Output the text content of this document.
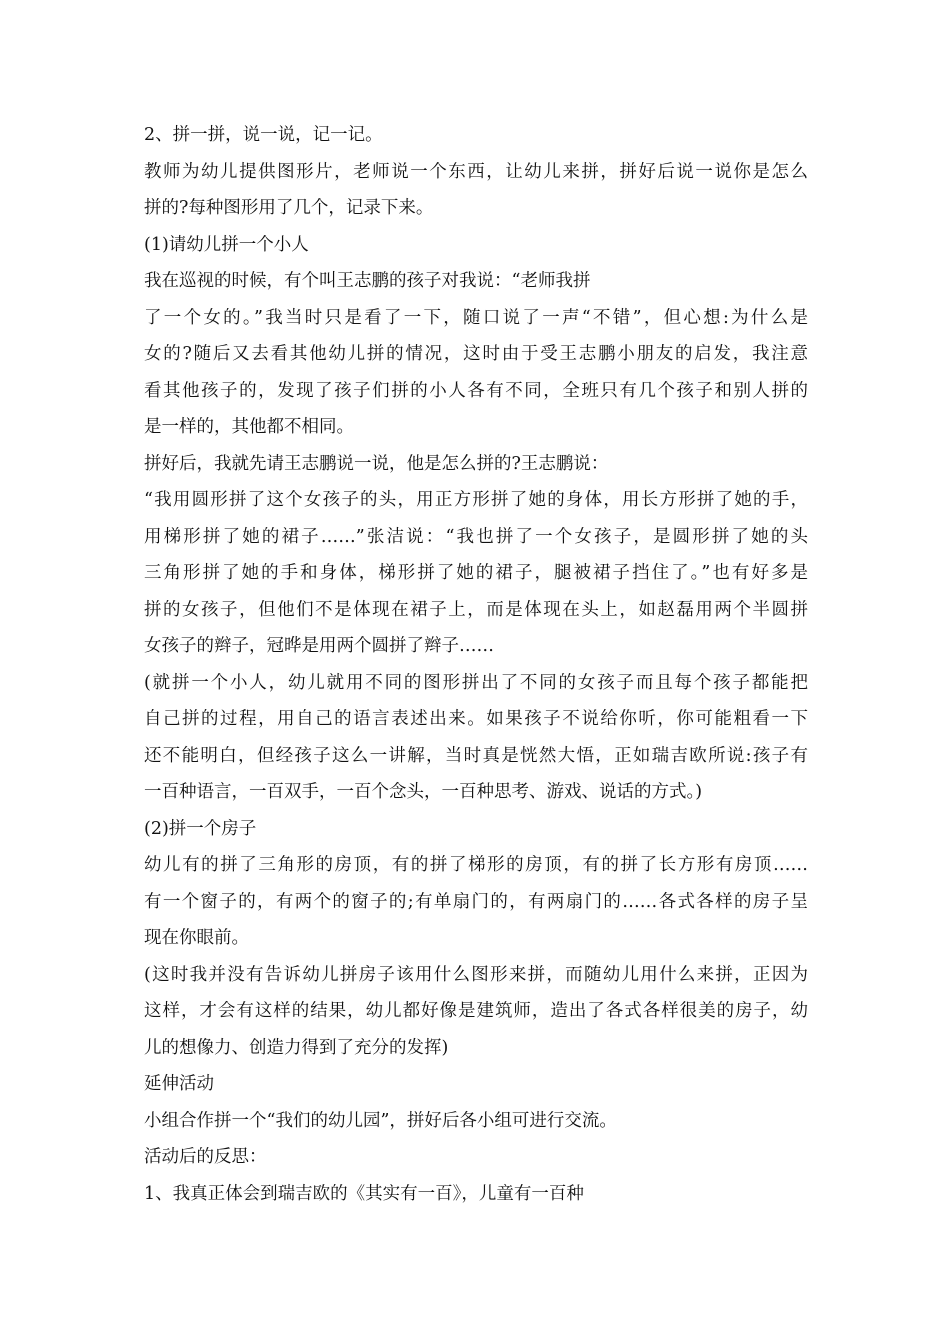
2、拼一拼，说一说，记一记。
教师为幼儿提供图形片，老师说一个东西，让幼儿来拼，拼好后说一说你是怎么
拼的?每种图形用了几个，记录下来。
(1)请幼儿拼一个小人
我在巡视的时候，有个叫王志鹏的孩子对我说：“老师我拼
了一个女的。”我当时只是看了一下，随口说了一声“不错”，但心想:为什么是
女的?随后又去看其他幼儿拼的情况，这时由于受王志鹏小朋友的启发，我注意
看其他孩子的，发现了孩子们拼的小人各有不同，全班只有几个孩子和别人拼的
是一样的，其他都不相同。
拼好后，我就先请王志鹏说一说，他是怎么拼的?王志鹏说：
“我用圆形拼了这个女孩子的头，用正方形拼了她的身体，用长方形拼了她的手，
用梯形拼了她的裙子……”张洁说：“我也拼了一个女孩子，是圆形拼了她的头
三角形拼了她的手和身体，梯形拼了她的裙子，腿被裙子挡住了。”也有好多是
拼的女孩子，但他们不是体现在裙子上，而是体现在头上，如赵磊用两个半圆拼
女孩子的辫子，冠晔是用两个圆拼了辫子……
(就拼一个小人，幼儿就用不同的图形拼出了不同的女孩子而且每个孩子都能把
自己拼的过程，用自己的语言表述出来。如果孩子不说给你听，你可能粗看一下
还不能明白，但经孩子这么一讲解，当时真是恍然大悟，正如瑞吉欧所说:孩子有
一百种语言，一百双手，一百个念头，一百种思考、游戏、说话的方式。)
(2)拼一个房子
幼儿有的拼了三角形的房顶，有的拼了梯形的房顶，有的拼了长方形有房顶……
有一个窗子的，有两个的窗子的;有单扇门的，有两扇门的……各式各样的房子呈
现在你眼前。
(这时我并没有告诉幼儿拼房子该用什么图形来拼，而随幼儿用什么来拼，正因为
这样，才会有这样的结果，幼儿都好像是建筑师，造出了各式各样很美的房子，幼
儿的想像力、创造力得到了充分的发挥)
延伸活动
小组合作拼一个“我们的幼儿园”，拼好后各小组可进行交流。
活动后的反思：
1、我真正体会到瑞吉欧的《其实有一百》，儿童有一百种
